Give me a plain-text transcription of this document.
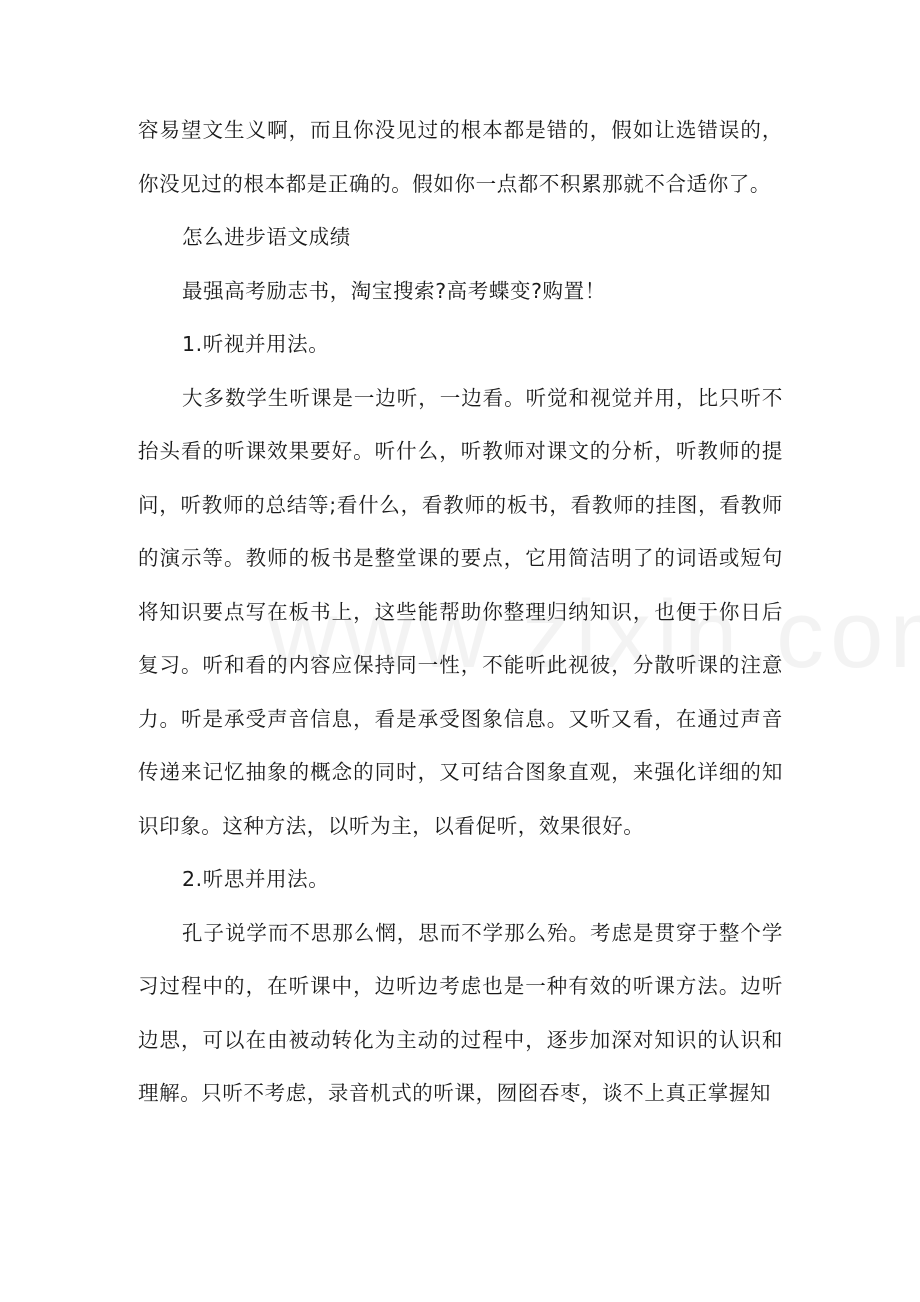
容易望文生义啊，而且你没见过的根本都是错的，假如让选错误的，你没见过的根本都是正确的。假如你一点都不积累那就不合适你了。

怎么进步语文成绩

最强高考励志书，淘宝搜索?高考蝶变?购置！

1.听视并用法。

大多数学生听课是一边听，一边看。听觉和视觉并用，比只听不抬头看的听课效果要好。听什么，听教师对课文的分析，听教师的提问，听教师的总结等;看什么，看教师的板书，看教师的挂图，看教师的演示等。教师的板书是整堂课的要点，它用简洁明了的词语或短句将知识要点写在板书上，这些能帮助你整理归纳知识，也便于你日后复习。听和看的内容应保持同一性，不能听此视彼，分散听课的注意力。听是承受声音信息，看是承受图象信息。又听又看，在通过声音传递来记忆抽象的概念的同时，又可结合图象直观，来强化详细的知识印象。这种方法，以听为主，以看促听，效果很好。

2.听思并用法。

孔子说学而不思那么惘，思而不学那么殆。考虑是贯穿于整个学习过程中的，在听课中，边听边考虑也是一种有效的听课方法。边听边思，可以在由被动转化为主动的过程中，逐步加深对知识的认识和理解。只听不考虑，录音机式的听课，囫囵吞枣，谈不上真正掌握知
